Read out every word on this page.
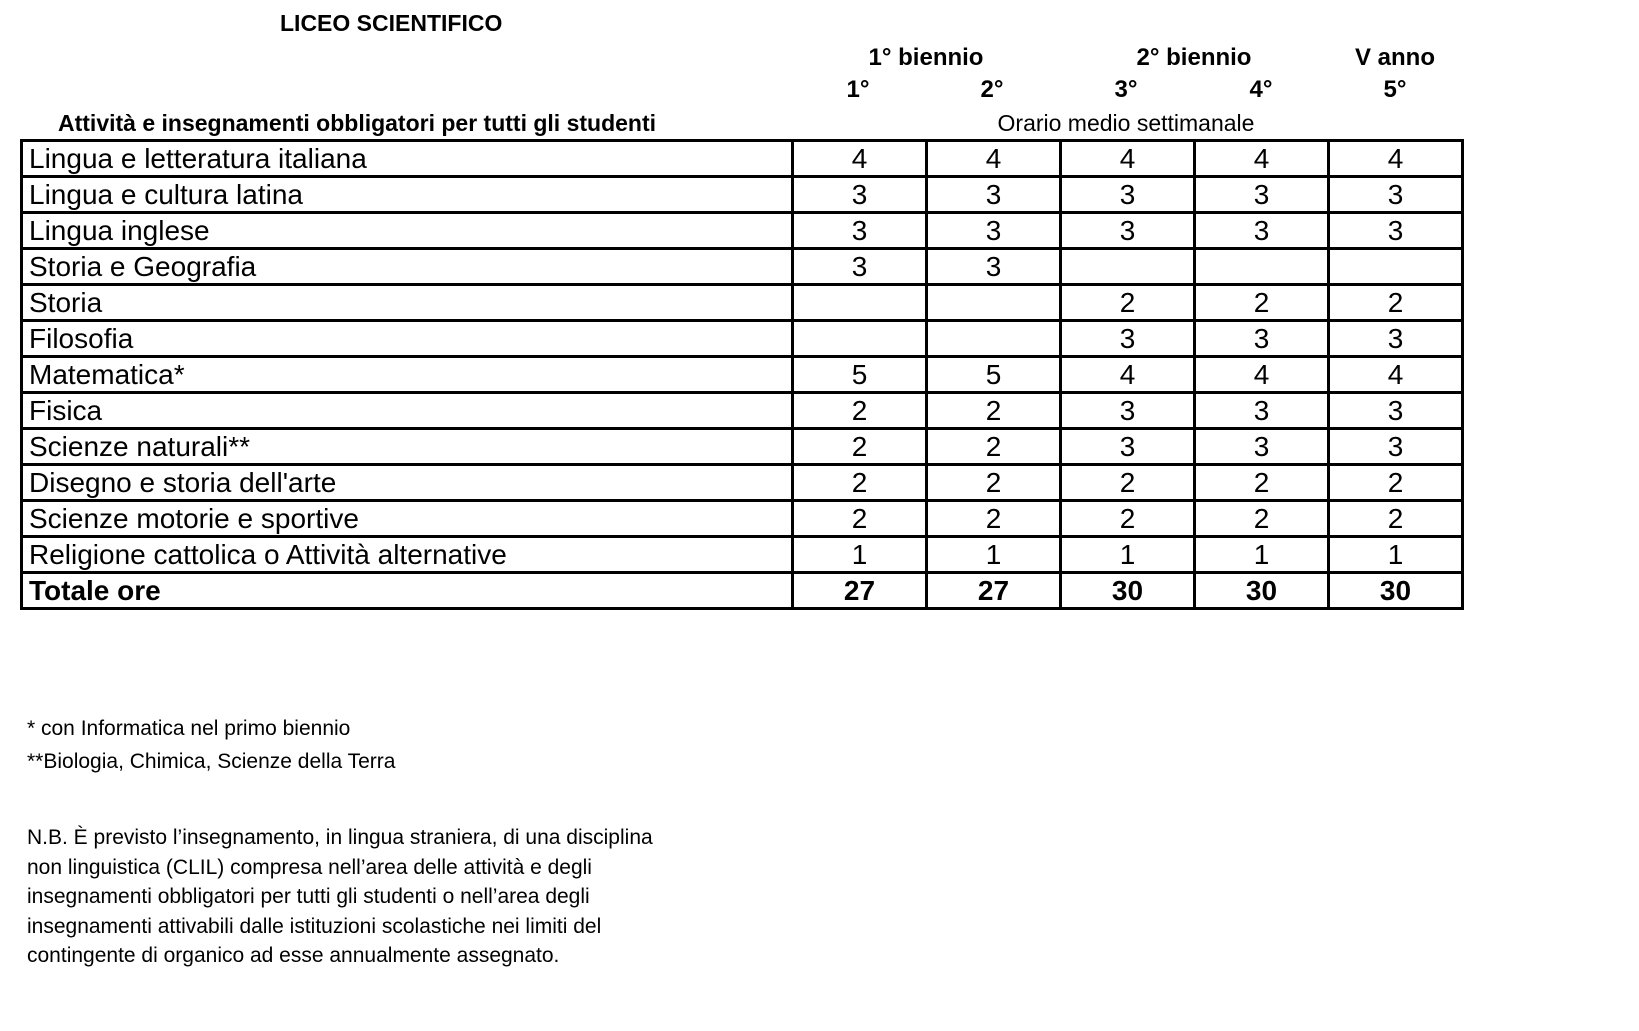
LICEO SCIENTIFICO
1° biennio	2° biennio	V anno
1°	2°	3°	4°	5°
Attività e insegnamenti obbligatori per tutti gli studenti	Orario medio settimanale
Lingua e letteratura italiana	4	4	4	4	4
Lingua e cultura latina	3	3	3	3	3
Lingua inglese	3	3	3	3	3
Storia e Geografia	3	3			
Storia			2	2	2
Filosofia			3	3	3
Matematica*	5	5	4	4	4
Fisica	2	2	3	3	3
Scienze naturali**	2	2	3	3	3
Disegno e storia dell'arte	2	2	2	2	2
Scienze motorie e sportive	2	2	2	2	2
Religione cattolica o Attività alternative	1	1	1	1	1
Totale ore	27	27	30	30	30
* con Informatica nel primo biennio
**Biologia, Chimica, Scienze della Terra
N.B. È previsto l’insegnamento, in lingua straniera, di una disciplina
non linguistica (CLIL) compresa nell’area delle attività e degli
insegnamenti obbligatori per tutti gli studenti o nell’area degli
insegnamenti attivabili dalle istituzioni scolastiche nei limiti del
contingente di organico ad esse annualmente assegnato.
